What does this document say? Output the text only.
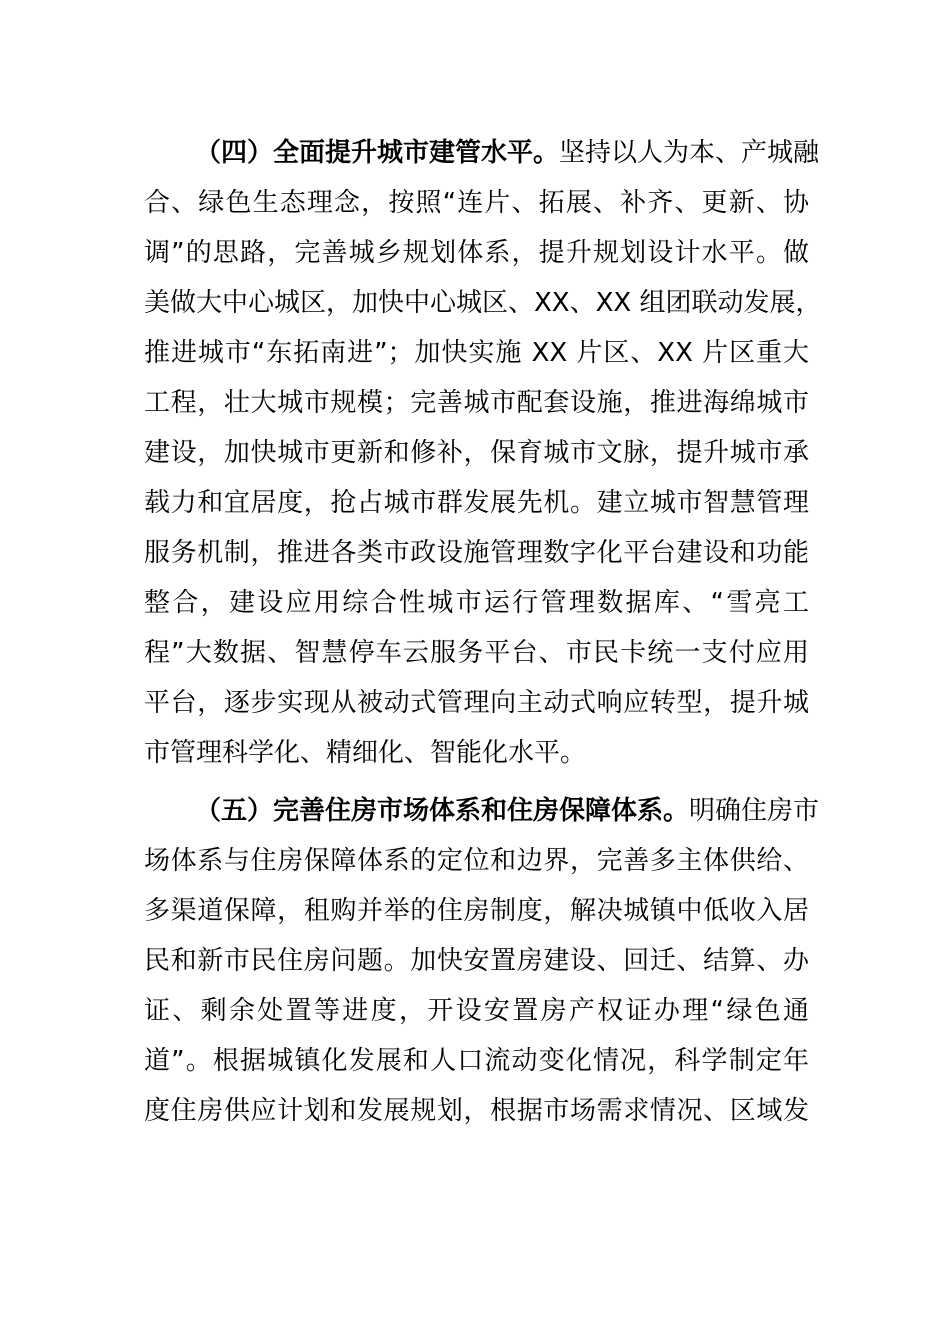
（四）全面提升城市建管水平。坚持以人为本、产城融
合、绿色生态理念，按照“连片、拓展、补齐、更新、协
调”的思路，完善城乡规划体系，提升规划设计水平。做
美做大中心城区，加快中心城区、XX、XX 组团联动发展，
推进城市“东拓南进”；加快实施 XX 片区、XX 片区重大
工程，壮大城市规模；完善城市配套设施，推进海绵城市
建设，加快城市更新和修补，保育城市文脉，提升城市承
载力和宜居度，抢占城市群发展先机。建立城市智慧管理
服务机制，推进各类市政设施管理数字化平台建设和功能
整合，建设应用综合性城市运行管理数据库、“雪亮工
程”大数据、智慧停车云服务平台、市民卡统一支付应用
平台，逐步实现从被动式管理向主动式响应转型，提升城
市管理科学化、精细化、智能化水平。
（五）完善住房市场体系和住房保障体系。明确住房市
场体系与住房保障体系的定位和边界，完善多主体供给、
多渠道保障，租购并举的住房制度，解决城镇中低收入居
民和新市民住房问题。加快安置房建设、回迁、结算、办
证、剩余处置等进度，开设安置房产权证办理“绿色通
道”。根据城镇化发展和人口流动变化情况，科学制定年
度住房供应计划和发展规划，根据市场需求情况、区域发
